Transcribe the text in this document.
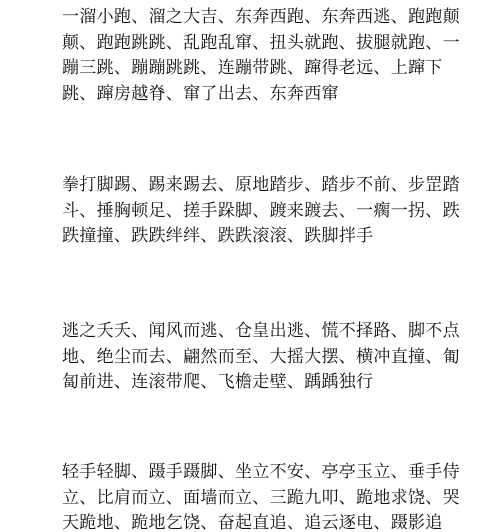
一溜小跑、溜之大吉、东奔西跑、东奔西逃、跑跑颠
颠、跑跑跳跳、乱跑乱窜、扭头就跑、拔腿就跑、一
蹦三跳、蹦蹦跳跳、连蹦带跳、蹿得老远、上蹿下
跳、蹿房越脊、窜了出去、东奔西窜

拳打脚踢、踢来踢去、原地踏步、踏步不前、步罡踏
斗、捶胸顿足、搓手跺脚、踱来踱去、一瘸一拐、跌
跌撞撞、跌跌绊绊、跌跌滚滚、跌脚拌手

逃之夭夭、闻风而逃、仓皇出逃、慌不择路、脚不点
地、绝尘而去、翩然而至、大摇大摆、横冲直撞、匍
匐前进、连滚带爬、飞檐走壁、踽踽独行

轻手轻脚、蹑手蹑脚、坐立不安、亭亭玉立、垂手侍
立、比肩而立、面墙而立、三跪九叩、跪地求饶、哭
天跪地、跪地乞饶、奋起直追、追云逐电、蹑影追
